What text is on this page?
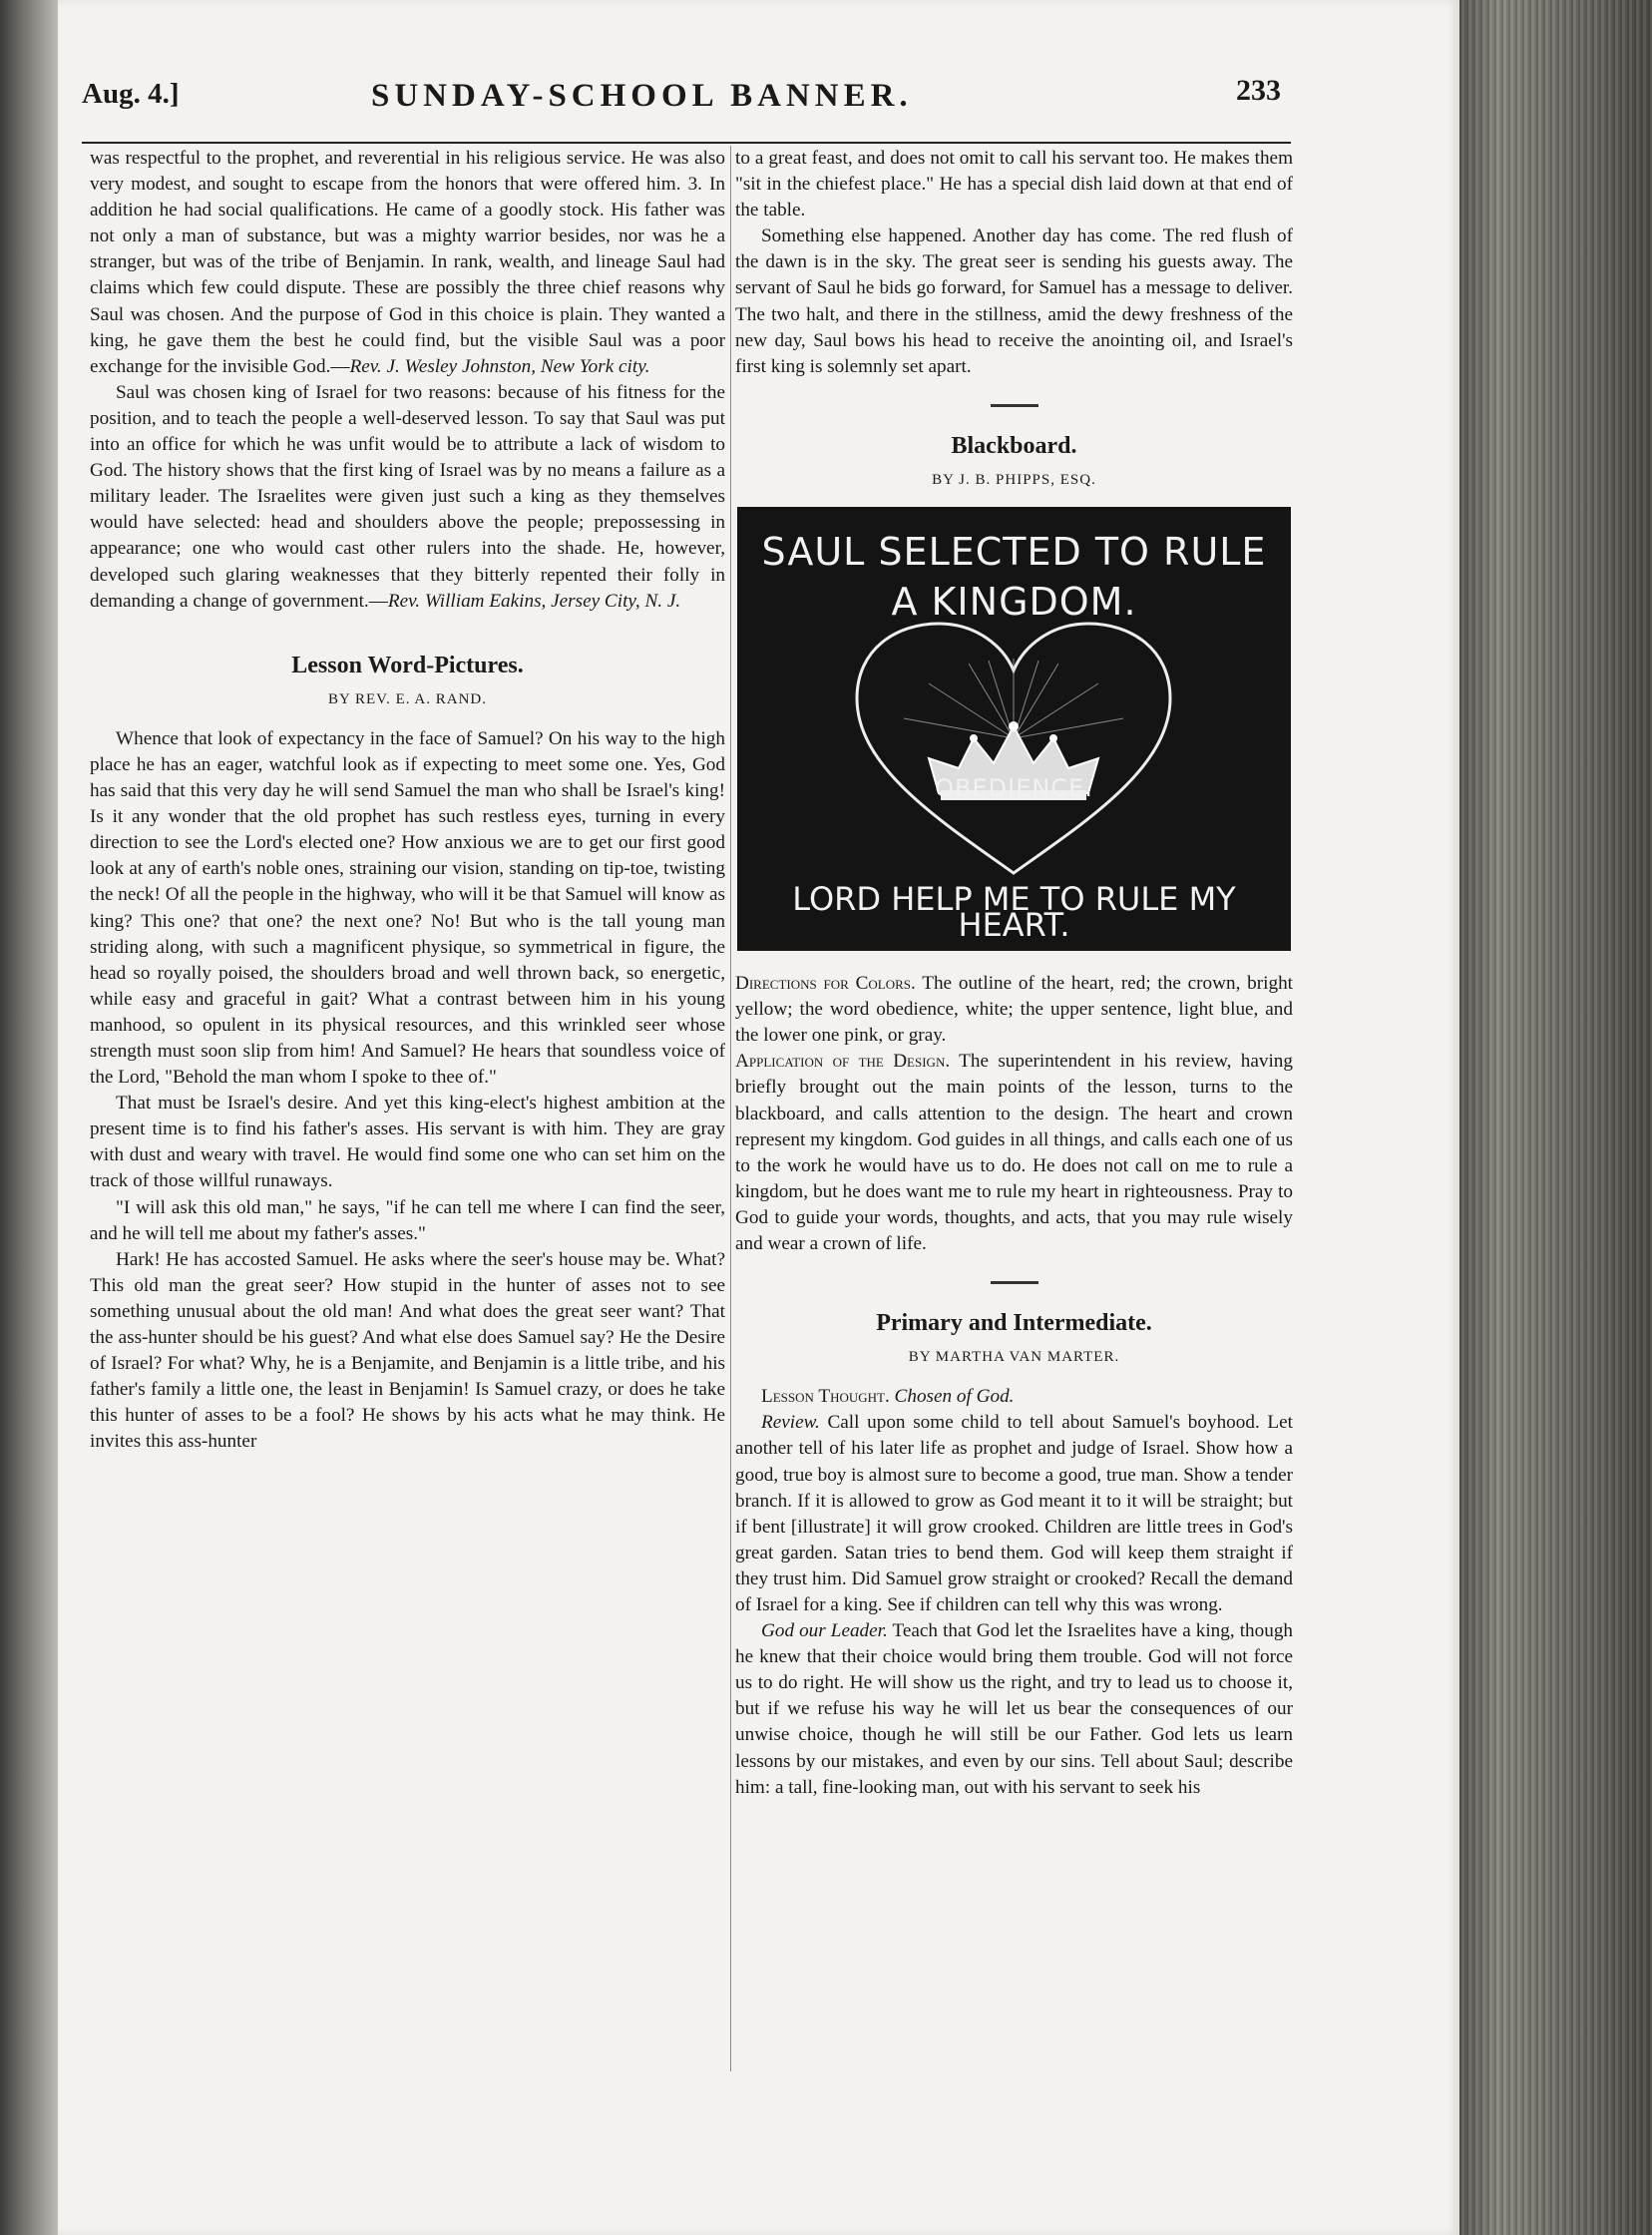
Aug. 4.]	SUNDAY-SCHOOL BANNER.	233

was respectful to the prophet, and reverential in his religious service. He was also very modest, and sought to escape from the honors that were offered him. 3. In addition he had social qualifications. He came of a goodly stock. His father was not only a man of substance, but was a mighty warrior besides, nor was he a stranger, but was of the tribe of Benjamin. In rank, wealth, and lineage Saul had claims which few could dispute. These are possibly the three chief reasons why Saul was chosen. And the purpose of God in this choice is plain. They wanted a king, he gave them the best he could find, but the visible Saul was a poor exchange for the invisible God.—Rev. J. Wesley Johnston, New York city.

Saul was chosen king of Israel for two reasons: because of his fitness for the position, and to teach the people a well-deserved lesson. To say that Saul was put into an office for which he was unfit would be to attribute a lack of wisdom to God. The history shows that the first king of Israel was by no means a failure as a military leader. The Israelites were given just such a king as they themselves would have selected: head and shoulders above the people; prepossessing in appearance; one who would cast other rulers into the shade. He, however, developed such glaring weaknesses that they bitterly repented their folly in demanding a change of government.—Rev. William Eakins, Jersey City, N. J.

Lesson Word-Pictures.
BY REV. E. A. RAND.

Whence that look of expectancy in the face of Samuel? On his way to the high place he has an eager, watchful look as if expecting to meet some one. Yes, God has said that this very day he will send Samuel the man who shall be Israel's king! Is it any wonder that the old prophet has such restless eyes, turning in every direction to see the Lord's elected one? How anxious we are to get our first good look at any of earth's noble ones, straining our vision, standing on tip-toe, twisting the neck! Of all the people in the highway, who will it be that Samuel will know as king? This one? that one? the next one? No! But who is the tall young man striding along, with such a magnificent physique, so symmetrical in figure, the head so royally poised, the shoulders broad and well thrown back, so energetic, while easy and graceful in gait? What a contrast between him in his young manhood, so opulent in its physical resources, and this wrinkled seer whose strength must soon slip from him! And Samuel? He hears that soundless voice of the Lord, "Behold the man whom I spoke to thee of."

That must be Israel's desire. And yet this king-elect's highest ambition at the present time is to find his father's asses. His servant is with him. They are gray with dust and weary with travel. He would find some one who can set him on the track of those willful runaways.

"I will ask this old man," he says, "if he can tell me where I can find the seer, and he will tell me about my father's asses."

Hark! He has accosted Samuel. He asks where the seer's house may be. What? This old man the great seer? How stupid in the hunter of asses not to see something unusual about the old man! And what does the great seer want? That the ass-hunter should be his guest? And what else does Samuel say? He the Desire of Israel? For what? Why, he is a Benjamite, and Benjamin is a little tribe, and his father's family a little one, the least in Benjamin! Is Samuel crazy, or does he take this hunter of asses to be a fool? He shows by his acts what he may think. He invites this ass-hunter

to a great feast, and does not omit to call his servant too. He makes them "sit in the chiefest place." He has a special dish laid down at that end of the table.

Something else happened. Another day has come. The red flush of the dawn is in the sky. The great seer is sending his guests away. The servant of Saul he bids go forward, for Samuel has a message to deliver. The two halt, and there in the stillness, amid the dewy freshness of the new day, Saul bows his head to receive the anointing oil, and Israel's first king is solemnly set apart.

Blackboard.
BY J. B. PHIPPS, ESQ.
SAUL SELECTED TO RULE
A KINGDOM.
OBEDIENCE.
LORD HELP ME TO RULE MY HEART.

Directions for Colors. The outline of the heart, red; the crown, bright yellow; the word obedience, white; the upper sentence, light blue, and the lower one pink, or gray.

Application of the Design. The superintendent in his review, having briefly brought out the main points of the lesson, turns to the blackboard, and calls attention to the design. The heart and crown represent my kingdom. God guides in all things, and calls each one of us to the work he would have us to do. He does not call on me to rule a kingdom, but he does want me to rule my heart in righteousness. Pray to God to guide your words, thoughts, and acts, that you may rule wisely and wear a crown of life.

Primary and Intermediate.
BY MARTHA VAN MARTER.

Lesson Thought. Chosen of God.

Review. Call upon some child to tell about Samuel's boyhood. Let another tell of his later life as prophet and judge of Israel. Show how a good, true boy is almost sure to become a good, true man. Show a tender branch. If it is allowed to grow as God meant it to it will be straight; but if bent [illustrate] it will grow crooked. Children are little trees in God's great garden. Satan tries to bend them. God will keep them straight if they trust him. Did Samuel grow straight or crooked? Recall the demand of Israel for a king. See if children can tell why this was wrong.

God our Leader. Teach that God let the Israelites have a king, though he knew that their choice would bring them trouble. God will not force us to do right. He will show us the right, and try to lead us to choose it, but if we refuse his way he will let us bear the consequences of our unwise choice, though he will still be our Father. God lets us learn lessons by our mistakes, and even by our sins. Tell about Saul; describe him: a tall, fine-looking man, out with his servant to seek his
